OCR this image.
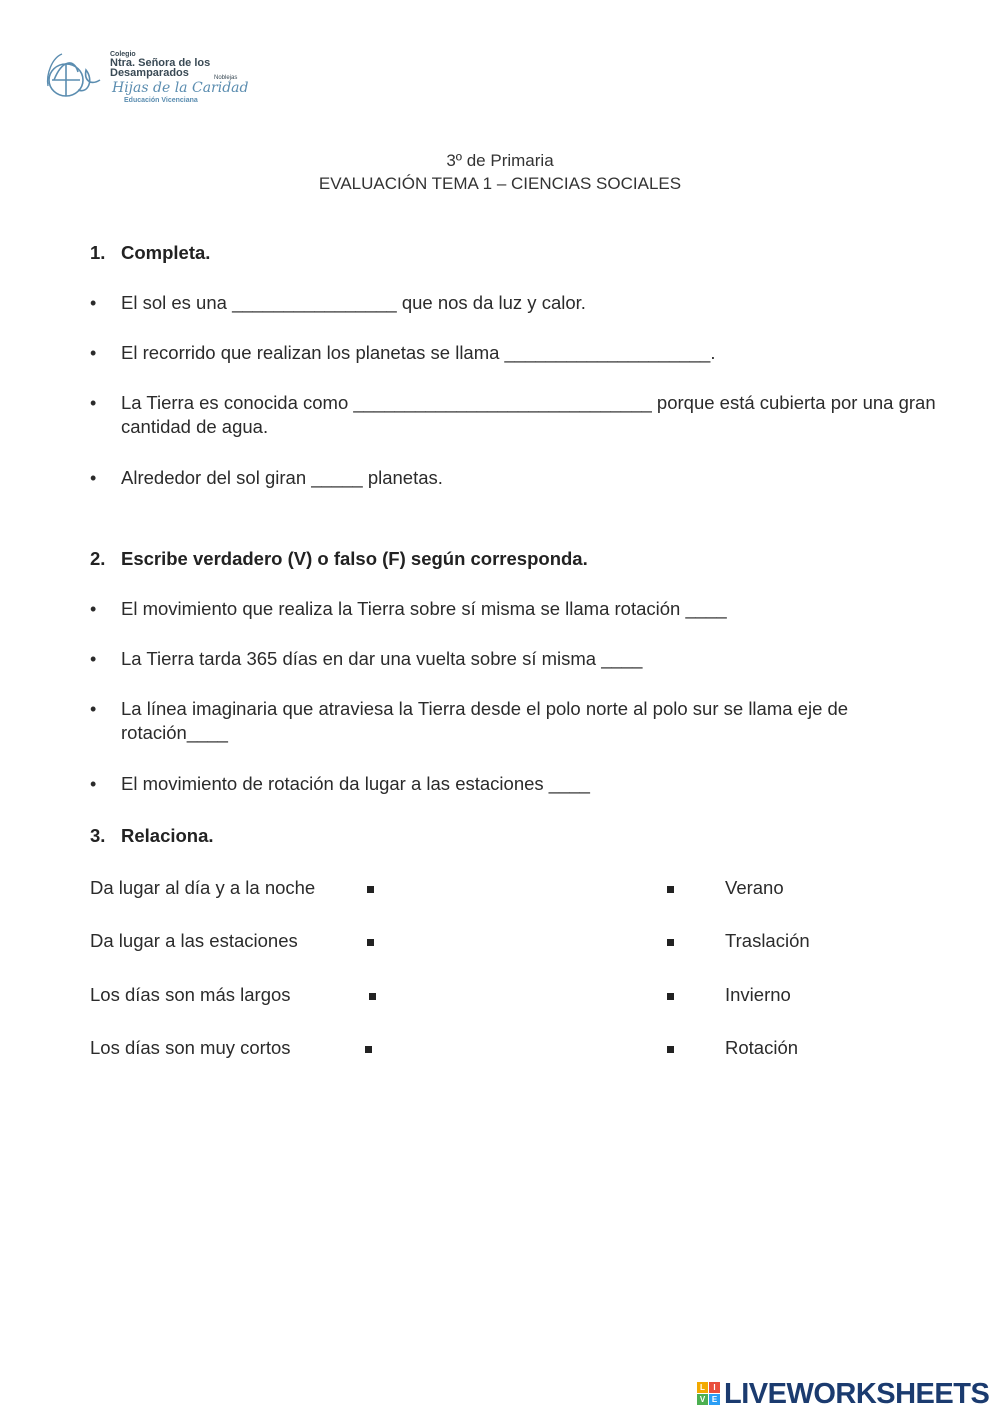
Colegio
Ntra. Señora de los
Desamparados	Noblejas
Hijas de la Caridad
Educación Vicenciana
3º de Primaria
EVALUACIÓN TEMA 1 – CIENCIAS SOCIALES
1. Completa.
• El sol es una ________________ que nos da luz y calor.
• El recorrido que realizan los planetas se llama ____________________.
• La Tierra es conocida como _____________________________ porque está cubierta por una gran cantidad de agua.
• Alrededor del sol giran _____ planetas.
2. Escribe verdadero (V) o falso (F) según corresponda.
• El movimiento que realiza la Tierra sobre sí misma se llama rotación ____
• La Tierra tarda 365 días en dar una vuelta sobre sí misma ____
• La línea imaginaria que atraviesa la Tierra desde el polo norte al polo sur se llama eje de rotación____
• El movimiento de rotación da lugar a las estaciones ____
3. Relaciona.
Da lugar al día y a la noche	Verano
Da lugar a las estaciones	Traslación
Los días son más largos	Invierno
Los días son muy cortos	Rotación
L	I
V E LIVEWORKSHEETS
